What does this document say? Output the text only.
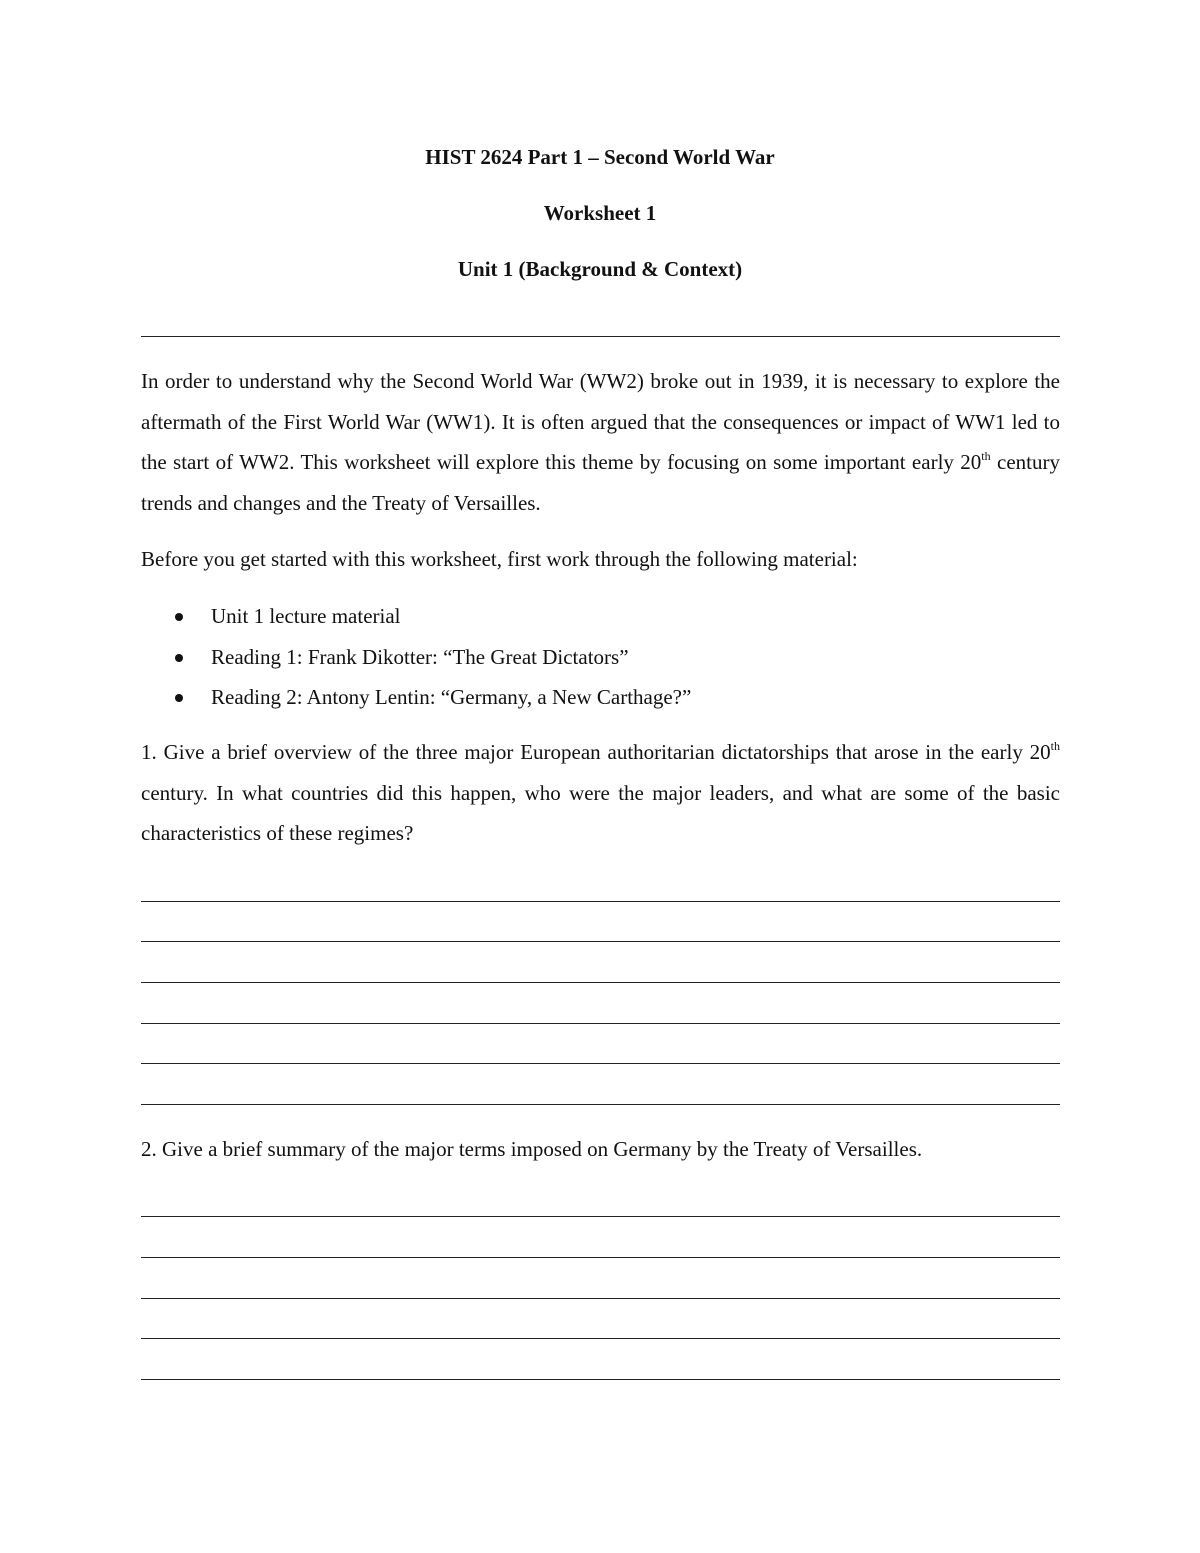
HIST 2624 Part 1 – Second World War
Worksheet 1
Unit 1 (Background & Context)
In order to understand why the Second World War (WW2) broke out in 1939, it is necessary to explore the aftermath of the First World War (WW1). It is often argued that the consequences or impact of WW1 led to the start of WW2. This worksheet will explore this theme by focusing on some important early 20th century trends and changes and the Treaty of Versailles.
Before you get started with this worksheet, first work through the following material:
Unit 1 lecture material
Reading 1: Frank Dikotter: “The Great Dictators”
Reading 2: Antony Lentin: “Germany, a New Carthage?”
1. Give a brief overview of the three major European authoritarian dictatorships that arose in the early 20th century. In what countries did this happen, who were the major leaders, and what are some of the basic characteristics of these regimes?
2. Give a brief summary of the major terms imposed on Germany by the Treaty of Versailles.
